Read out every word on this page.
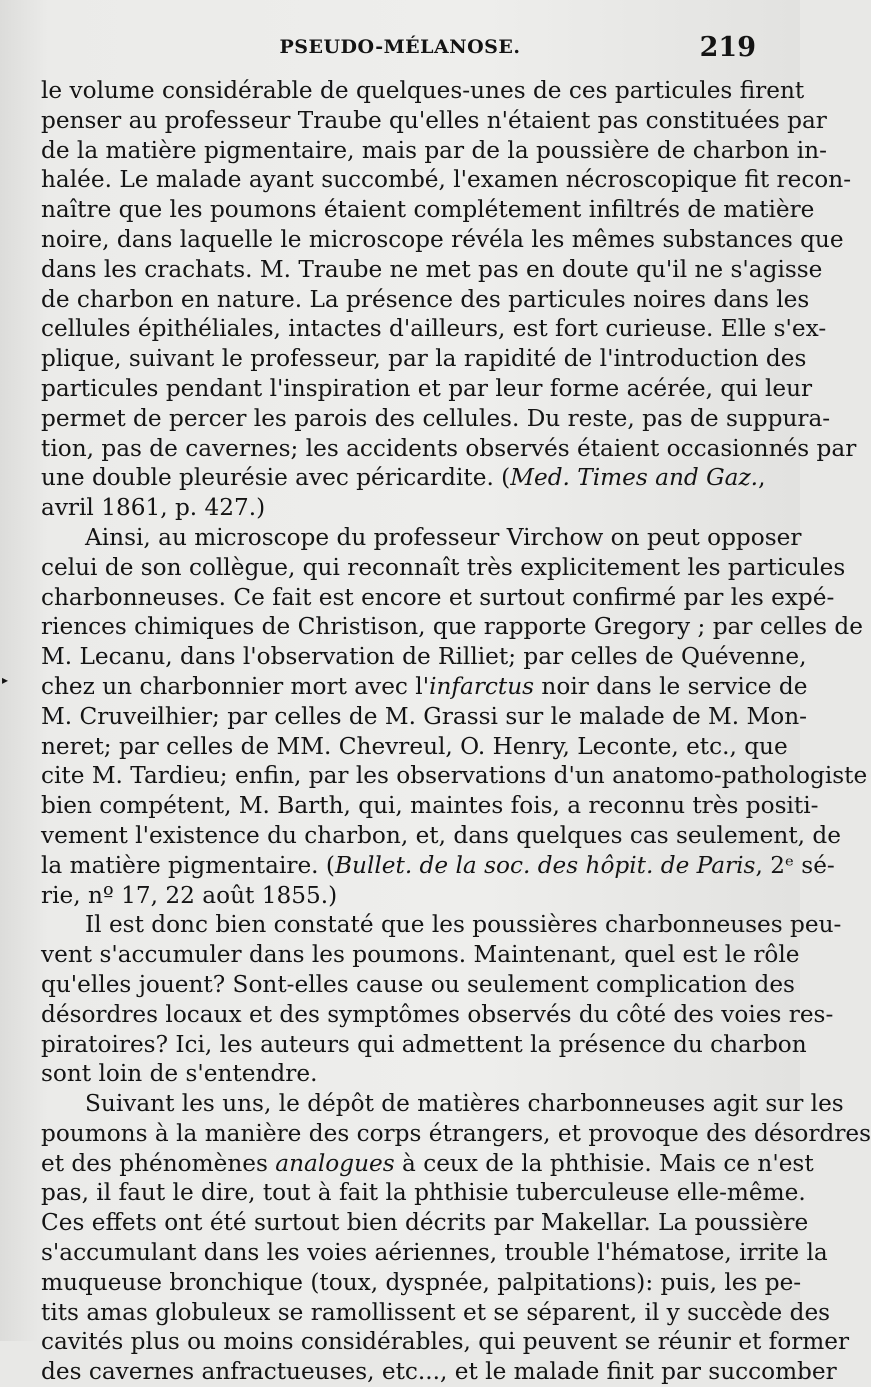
PSEUDO-MÉLANOSE.	219
▸
le volume considérable de quelques-unes de ces particules firent
penser au professeur Traube qu'elles n'étaient pas constituées par
de la matière pigmentaire, mais par de la poussière de charbon in-
halée. Le malade ayant succombé, l'examen nécroscopique fit recon-
naître que les poumons étaient complétement infiltrés de matière
noire, dans laquelle le microscope révéla les mêmes substances que
dans les crachats. M. Traube ne met pas en doute qu'il ne s'agisse
de charbon en nature. La présence des particules noires dans les
cellules épithéliales, intactes d'ailleurs, est fort curieuse. Elle s'ex-
plique, suivant le professeur, par la rapidité de l'introduction des
particules pendant l'inspiration et par leur forme acérée, qui leur
permet de percer les parois des cellules. Du reste, pas de suppura-
tion, pas de cavernes; les accidents observés étaient occasionnés par
une double pleurésie avec péricardite. (Med. Times and Gaz.,
avril 1861, p. 427.)
Ainsi, au microscope du professeur Virchow on peut opposer
celui de son collègue, qui reconnaît très explicitement les particules
charbonneuses. Ce fait est encore et surtout confirmé par les expé-
riences chimiques de Christison, que rapporte Gregory ; par celles de
M. Lecanu, dans l'observation de Rilliet; par celles de Quévenne,
chez un charbonnier mort avec l'infarctus noir dans le service de
M. Cruveilhier; par celles de M. Grassi sur le malade de M. Mon-
neret; par celles de MM. Chevreul, O. Henry, Leconte, etc., que
cite M. Tardieu; enfin, par les observations d'un anatomo-pathologiste
bien compétent, M. Barth, qui, maintes fois, a reconnu très positi-
vement l'existence du charbon, et, dans quelques cas seulement, de
la matière pigmentaire. (Bullet. de la soc. des hôpit. de Paris, 2ᵉ sé-
rie, nº 17, 22 août 1855.)
Il est donc bien constaté que les poussières charbonneuses peu-
vent s'accumuler dans les poumons. Maintenant, quel est le rôle
qu'elles jouent? Sont-elles cause ou seulement complication des
désordres locaux et des symptômes observés du côté des voies res-
piratoires? Ici, les auteurs qui admettent la présence du charbon
sont loin de s'entendre.
Suivant les uns, le dépôt de matières charbonneuses agit sur les
poumons à la manière des corps étrangers, et provoque des désordres
et des phénomènes analogues à ceux de la phthisie. Mais ce n'est
pas, il faut le dire, tout à fait la phthisie tuberculeuse elle-même.
Ces effets ont été surtout bien décrits par Makellar. La poussière
s'accumulant dans les voies aériennes, trouble l'hématose, irrite la
muqueuse bronchique (toux, dyspnée, palpitations): puis, les pe-
tits amas globuleux se ramollissent et se séparent, il y succède des
cavités plus ou moins considérables, qui peuvent se réunir et former
des cavernes anfractueuses, etc..., et le malade finit par succomber
